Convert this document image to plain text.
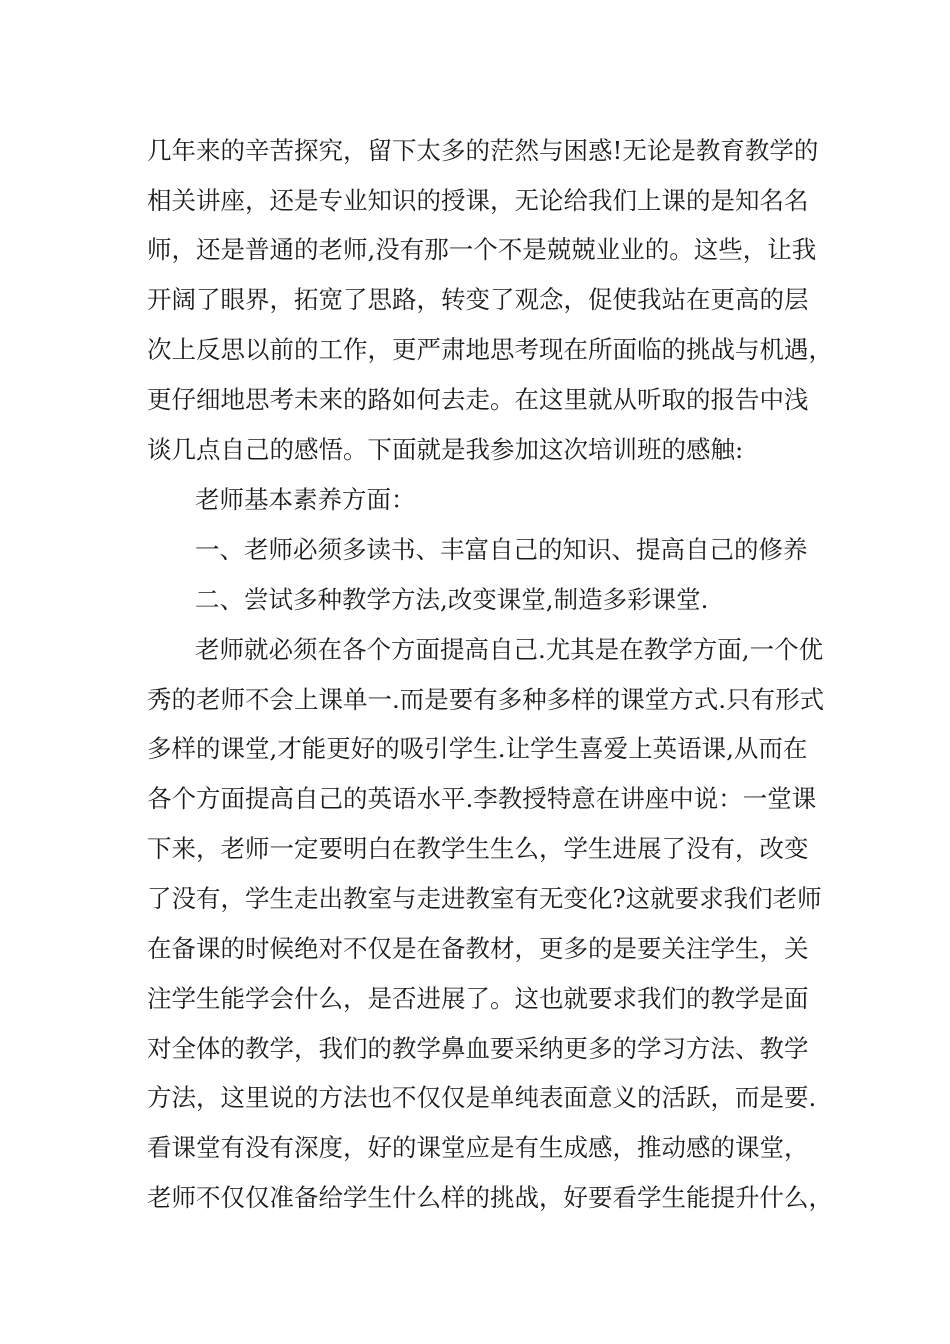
几年来的辛苦探究，留下太多的茫然与困惑!无论是教育教学的
相关讲座，还是专业知识的授课，无论给我们上课的是知名名
师，还是普通的老师,没有那一个不是兢兢业业的。这些，让我
开阔了眼界，拓宽了思路，转变了观念，促使我站在更高的层
次上反思以前的工作，更严肃地思考现在所面临的挑战与机遇，
更仔细地思考未来的路如何去走。在这里就从听取的报告中浅
谈几点自己的感悟。下面就是我参加这次培训班的感触:
老师基本素养方面：
一、老师必须多读书、丰富自己的知识、提高自己的修养
二、尝试多种教学方法,改变课堂,制造多彩课堂.
老师就必须在各个方面提高自己.尤其是在教学方面,一个优
秀的老师不会上课单一.而是要有多种多样的课堂方式.只有形式
多样的课堂,才能更好的吸引学生.让学生喜爱上英语课,从而在
各个方面提高自己的英语水平.李教授特意在讲座中说：一堂课
下来，老师一定要明白在教学生生么，学生进展了没有，改变
了没有，学生走出教室与走进教室有无变化?这就要求我们老师
在备课的时候绝对不仅是在备教材，更多的是要关注学生，关
注学生能学会什么，是否进展了。这也就要求我们的教学是面
对全体的教学，我们的教学鼻血要采纳更多的学习方法、教学
方法，这里说的方法也不仅仅是单纯表面意义的活跃，而是要.
看课堂有没有深度，好的课堂应是有生成感，推动感的课堂，
老师不仅仅准备给学生什么样的挑战，好要看学生能提升什么，
